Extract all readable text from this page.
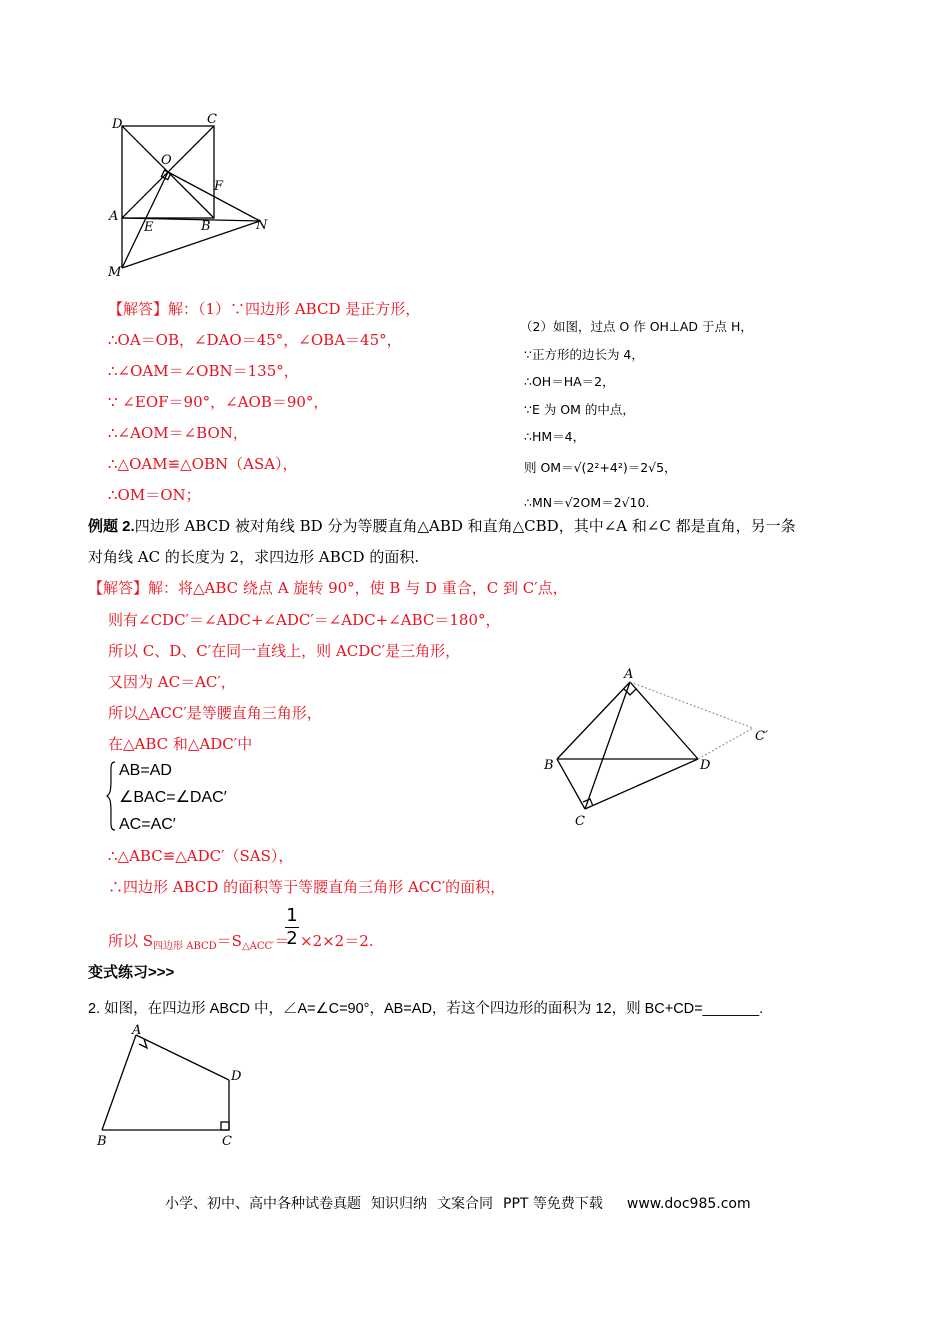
D	C
O
F
A
E	B	N
M
【解答】解：（1）∵四边形 ABCD 是正方形，
∴OA＝OB，∠DAO＝45°，∠OBA＝45°，
∴∠OAM＝∠OBN＝135°，
∵ ∠EOF＝90°，∠AOB＝90°，
∴∠AOM＝∠BON，
∴△OAM≌△OBN（ASA），
∴OM＝ON；
（2）如图，过点 O 作 OH⊥AD 于点 H，
∵正方形的边长为 4，
∴OH＝HA＝2，
∵E 为 OM 的中点，
∴HM＝4，
则 OM＝√(2²+4²)＝2√5，
∴MN＝√2OM＝2√10.
例题 2.四边形 ABCD 被对角线 BD 分为等腰直角△ABD 和直角△CBD，其中∠A 和∠C 都是直角，另一条
对角线 AC 的长度为 2，求四边形 ABCD 的面积.
【解答】解：将△ABC 绕点 A 旋转 90°，使 B 与 D 重合，C 到 C′点，
则有∠CDC′＝∠ADC+∠ADC′＝∠ADC+∠ABC＝180°，
所以 C、D、C′在同一直线上，则 ACDC′是三角形，
又因为 AC＝AC′，
所以△ACC′是等腰直角三角形，
在△ABC 和△ADC′中
AB=AD
∠BAC=∠DAC′
AC=AC′
∴△ABC≌△ADC′（SAS），
∴四边形 ABCD 的面积等于等腰直角三角形 ACC′的面积，
所以 $S_{四边形 ABCD}=S_{\triangle ACC'}=$
1
2 ×2×2＝2.
A
B	D
C
C′
变式练习>>>
2. 如图，在四边形 ABCD 中，∠A=∠C=90°，AB=AD，若这个四边形的面积为 12，则 BC+CD=_______.
A
B	C
D
小学、初中、高中各种试卷真题 知识归纳 文案合同 PPT 等免费下载 www.doc985.com
